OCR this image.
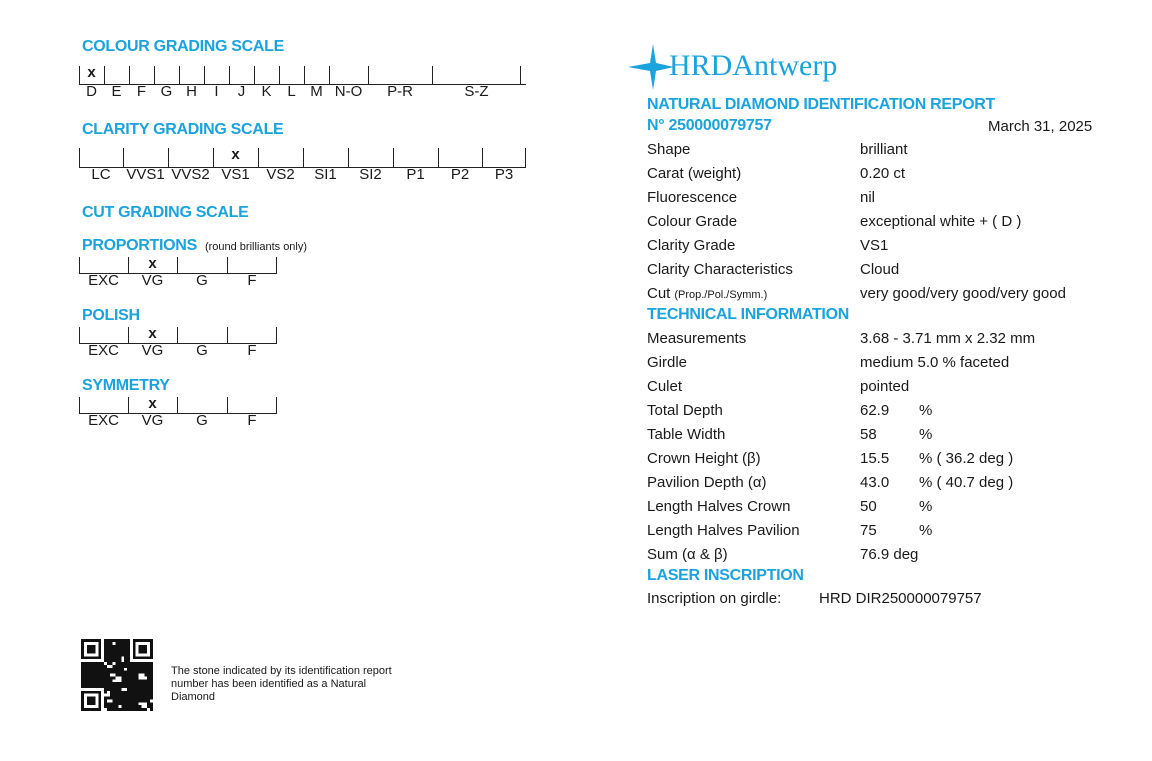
COLOUR GRADING SCALE
D E	F G H	I	J	K	L M N-O	P-R	S-Z
x
CLARITY GRADING SCALE
LC	VVS1 VVS2 VS1	VS2	SI1	SI2	P1	P2	P3
x
CUT GRADING SCALE
PROPORTIONS (round brilliants only)
EXC	VG	G	F
x
POLISH
EXC	VG	G	F
x
SYMMETRY
EXC	VG	G	F
x
HRDAntwerp
NATURAL DIAMOND IDENTIFICATION REPORT
N° 250000079757	March 31, 2025
Shape	brilliant
Carat (weight)	0.20 ct
Fluorescence	nil
Colour Grade	exceptional white + ( D )
Clarity Grade	VS1
Clarity Characteristics	Cloud
Cut (Prop./Pol./Symm.)	very good/very good/very good
TECHNICAL INFORMATION
Measurements	3.68 - 3.71 mm x 2.32 mm
Girdle	medium 5.0 % faceted
Culet	pointed
Total Depth	62.9 %
Table Width	58	%
Crown Height (β)	15.5 % ( 36.2 deg )
Pavilion Depth (α)	43.0 % ( 40.7 deg )
Length Halves Crown	50	%
Length Halves Pavilion	75	%
Sum (α & β)	76.9 deg
LASER INSCRIPTION
Inscription on girdle:	HRD DIR250000079757
The stone indicated by its identification report number has been identified as a Natural Diamond
